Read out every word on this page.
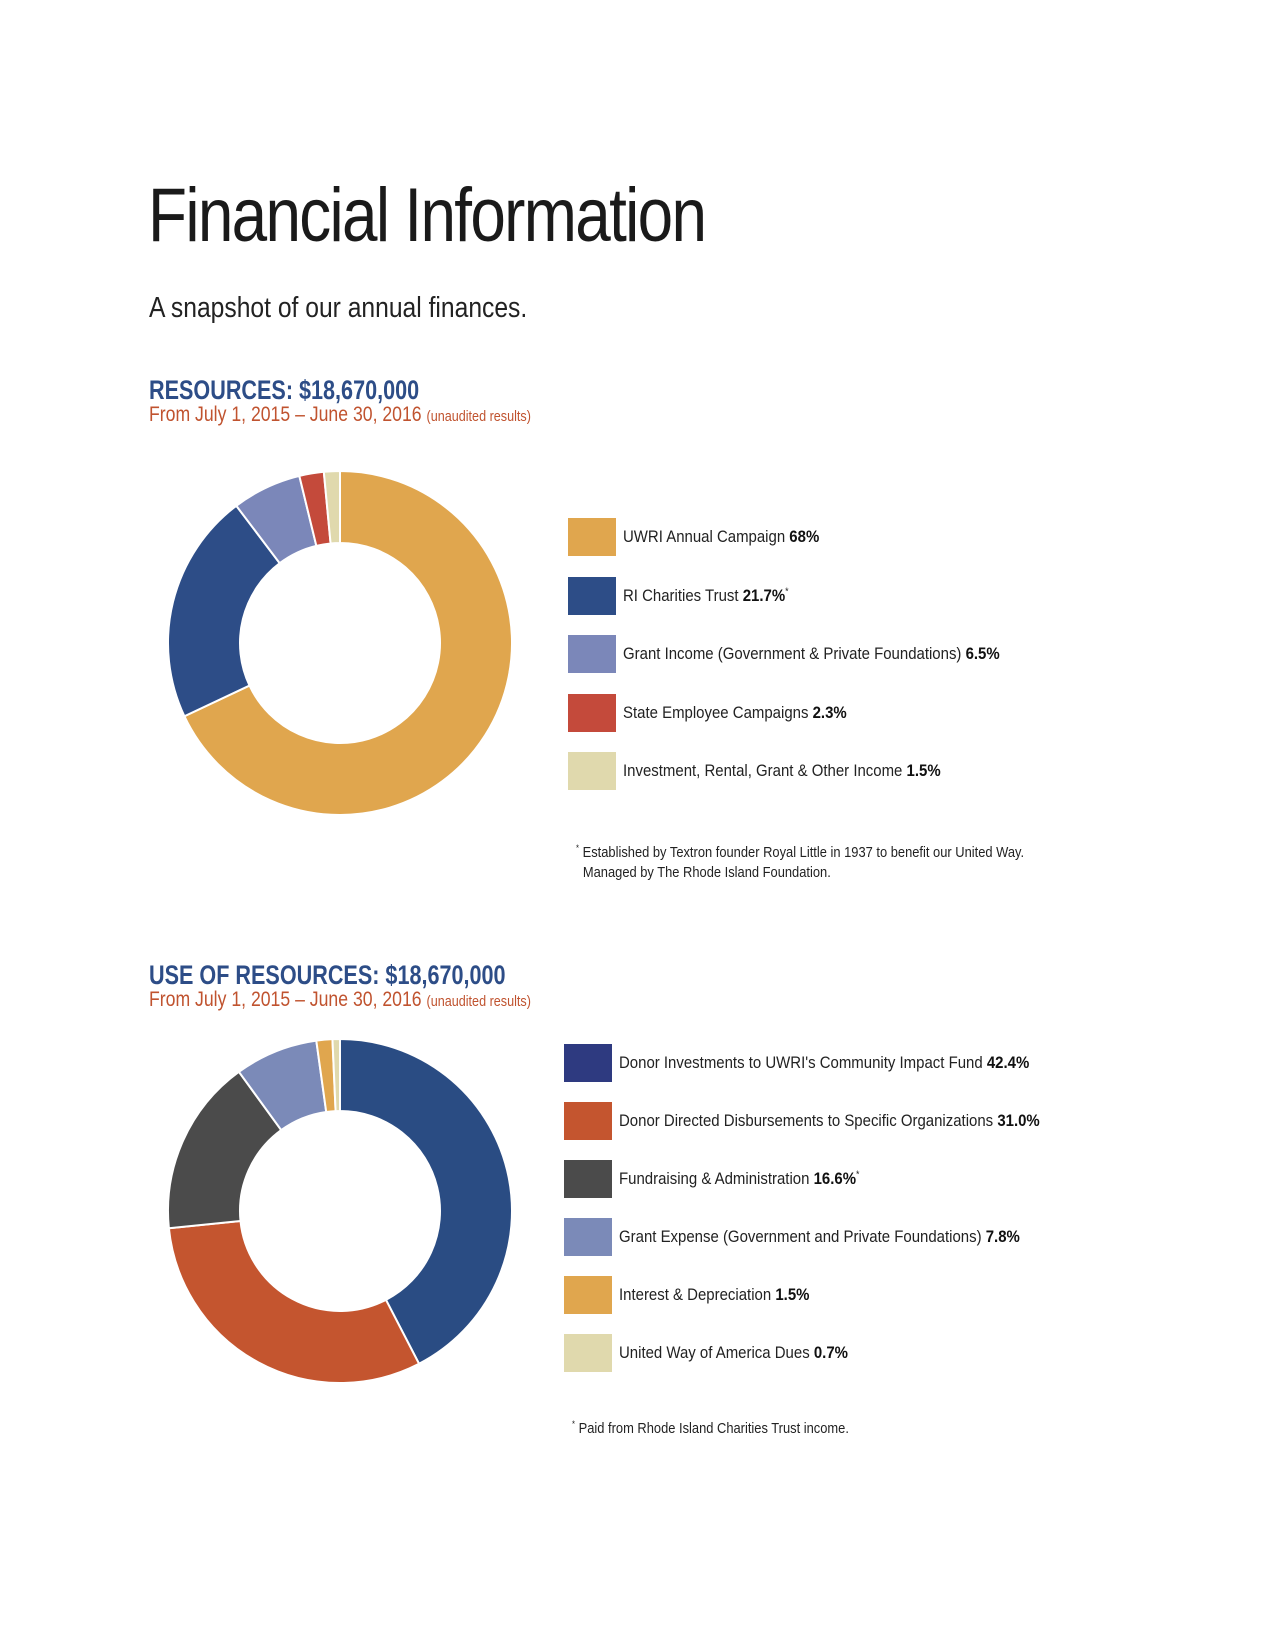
Financial Information
A snapshot of our annual finances.
RESOURCES: $18,670,000
From July 1, 2015 – June 30, 2016 (unaudited results)
UWRI Annual Campaign 68%
RI Charities Trust 21.7%*
Grant Income (Government & Private Foundations) 6.5%
State Employee Campaigns 2.3%
Investment, Rental, Grant & Other Income 1.5%
* Established by Textron founder Royal Little in 1937 to benefit our United Way.
Managed by The Rhode Island Foundation.
USE OF RESOURCES: $18,670,000
From July 1, 2015 – June 30, 2016 (unaudited results)
Donor Investments to UWRI's Community Impact Fund 42.4%
Donor Directed Disbursements to Specific Organizations 31.0%
Fundraising & Administration 16.6%*
Grant Expense (Government and Private Foundations) 7.8%
Interest & Depreciation 1.5%
United Way of America Dues 0.7%
* Paid from Rhode Island Charities Trust income.
